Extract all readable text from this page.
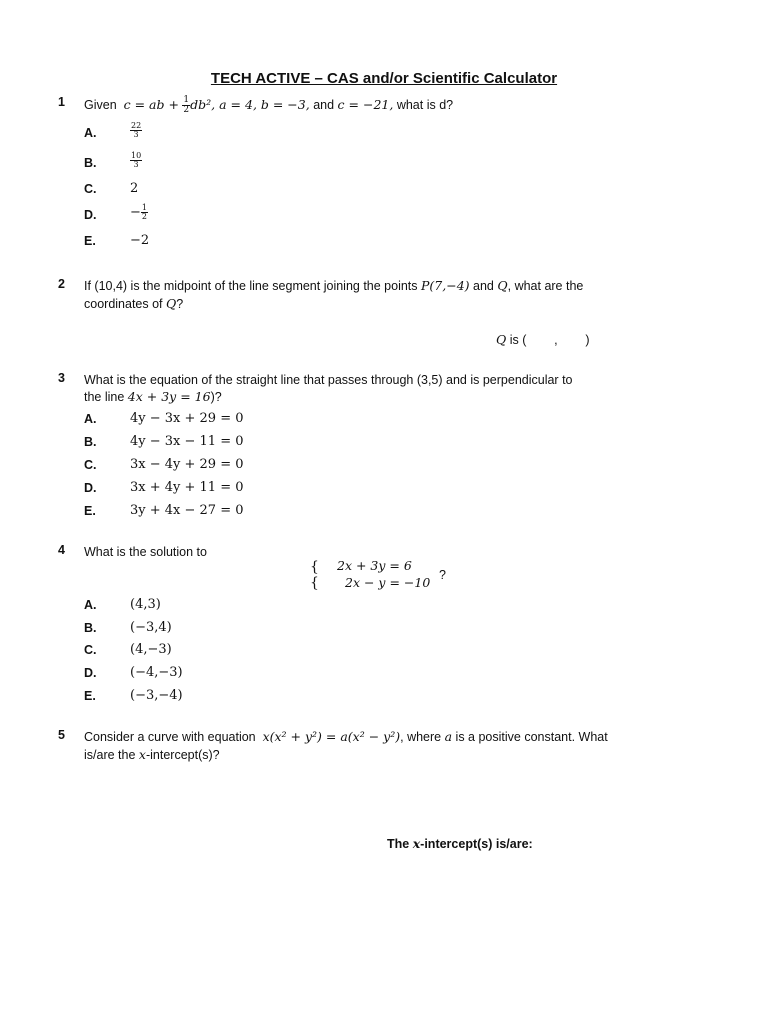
TECH ACTIVE – CAS and/or Scientific Calculator
1 Given c = ab + $\frac{1}{2} db^2$, a = 4, b = −3, and c = −21, what is d?
A.	$\frac{22}{3}$
B.	$\frac{10}{3}$
C.	2
D.	− $\frac{1}{2}$
E.	−2
2 If (10,4) is the midpoint of the line segment joining the points P(7,−4) and Q, what are the
coordinates of Q?
Q is (        ,        )
3 What is the equation of the straight line that passes through (3,5) and is perpendicular to
the line 4x + 3y = 16)?
A.	4y − 3x + 29 = 0
B.	4y − 3x − 11 = 0
C.	3x − 4y + 29 = 0
D.	3x + 4y + 11 = 0
E.	3y + 4x − 27 = 0
4 What is the solution to
{
{
2x + 3y = 6
2x − y = −10 ?
A.	(4,3)
B.	(−3,4)
C.	(4,−3)
D.	(−4,−3)
E.	(−3,−4)
5 Consider a curve with equation x(x² + y²) = a(x² − y²), where a is a positive constant. What
is/are the x-intercept(s)?
The x-intercept(s) is/are:
